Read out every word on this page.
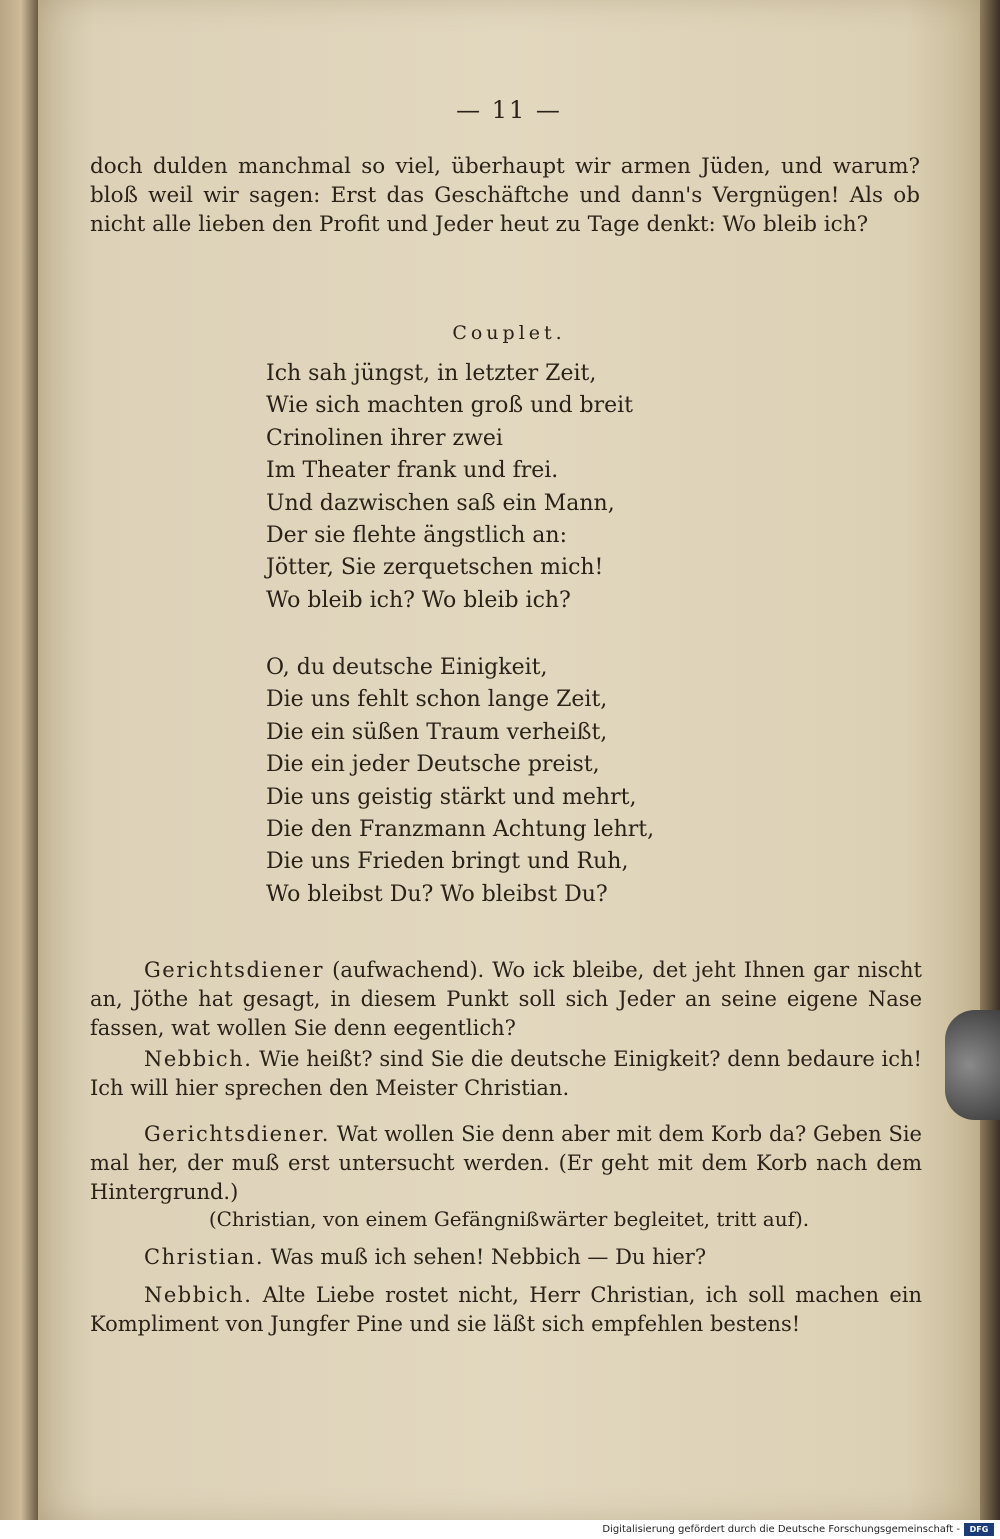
— 11 —
doch dulden manchmal so viel, überhaupt wir armen Jüden, und warum? bloß weil wir sagen: Erst das Geschäftche und dann's Vergnügen! Als ob nicht alle lieben den Profit und Jeder heut zu Tage denkt: Wo bleib ich?
Couplet.
Ich sah jüngst, in letzter Zeit,
Wie sich machten groß und breit
Crinolinen ihrer zwei
Im Theater frank und frei.
Und dazwischen saß ein Mann,
Der sie flehte ängstlich an:
Jötter, Sie zerquetschen mich!
Wo bleib ich? Wo bleib ich?
O, du deutsche Einigkeit,
Die uns fehlt schon lange Zeit,
Die ein süßen Traum verheißt,
Die ein jeder Deutsche preist,
Die uns geistig stärkt und mehrt,
Die den Franzmann Achtung lehrt,
Die uns Frieden bringt und Ruh,
Wo bleibst Du? Wo bleibst Du?
Gerichtsdiener (aufwachend). Wo ick bleibe, det jeht Ihnen gar nischt an, Jöthe hat gesagt, in diesem Punkt soll sich Jeder an seine eigene Nase fassen, wat wollen Sie denn eegentlich?
Nebbich. Wie heißt? sind Sie die deutsche Einigkeit? denn bedaure ich! Ich will hier sprechen den Meister Christian.
Gerichtsdiener. Wat wollen Sie denn aber mit dem Korb da? Geben Sie mal her, der muß erst untersucht werden. (Er geht mit dem Korb nach dem Hintergrund.)
(Christian, von einem Gefängnißwärter begleitet, tritt auf).
Christian. Was muß ich sehen! Nebbich — Du hier?
Nebbich. Alte Liebe rostet nicht, Herr Christian, ich soll machen ein Kompliment von Jungfer Pine und sie läßt sich empfehlen bestens!
Digitalisierung gefördert durch die Deutsche Forschungsgemeinschaft -	DFG
